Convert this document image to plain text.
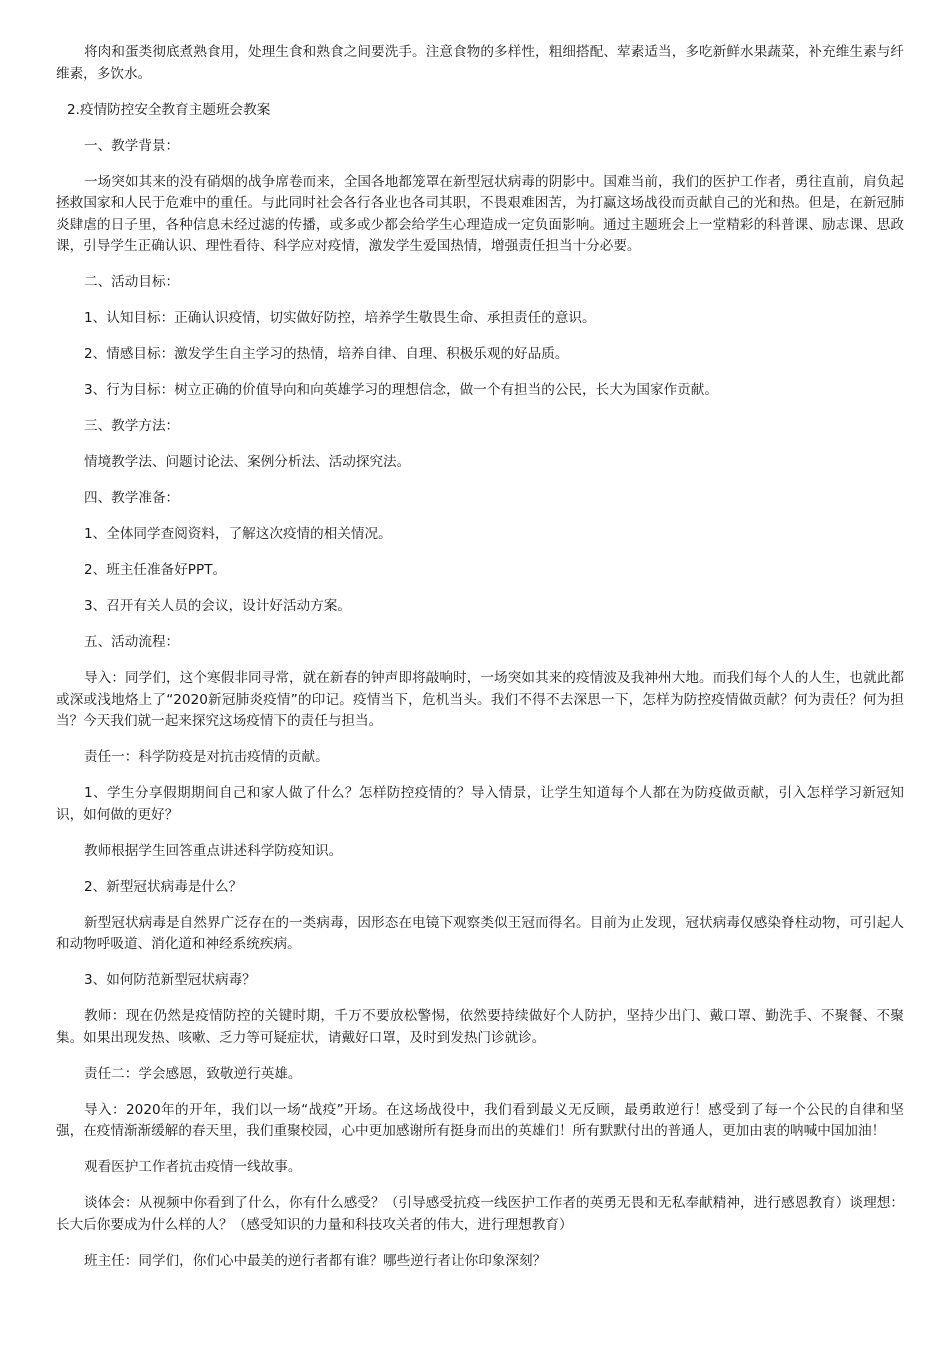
将肉和蛋类彻底煮熟食用，处理生食和熟食之间要洗手。注意食物的多样性，粗细搭配、荤素适当，多吃新鲜水果蔬菜，补充维生素与纤维素，多饮水。

2.疫情防控安全教育主题班会教案

一、教学背景：

一场突如其来的没有硝烟的战争席卷而来，全国各地都笼罩在新型冠状病毒的阴影中。国难当前，我们的医护工作者，勇往直前，肩负起拯救国家和人民于危难中的重任。与此同时社会各行各业也各司其职，不畏艰难困苦，为打赢这场战役而贡献自己的光和热。但是，在新冠肺炎肆虐的日子里，各种信息未经过滤的传播，或多或少都会给学生心理造成一定负面影响。通过主题班会上一堂精彩的科普课、励志课、思政课，引导学生正确认识、理性看待、科学应对疫情，激发学生爱国热情，增强责任担当十分必要。

二、活动目标：

1、认知目标：正确认识疫情，切实做好防控，培养学生敬畏生命、承担责任的意识。

2、情感目标：激发学生自主学习的热情，培养自律、自理、积极乐观的好品质。

3、行为目标：树立正确的价值导向和向英雄学习的理想信念，做一个有担当的公民，长大为国家作贡献。

三、教学方法：

情境教学法、问题讨论法、案例分析法、活动探究法。

四、教学准备：

1、全体同学查阅资料，了解这次疫情的相关情况。

2、班主任准备好PPT。

3、召开有关人员的会议，设计好活动方案。

五、活动流程：

导入：同学们，这个寒假非同寻常，就在新春的钟声即将敲响时，一场突如其来的疫情波及我神州大地。而我们每个人的人生，也就此都或深或浅地烙上了“2020新冠肺炎疫情”的印记。疫情当下，危机当头。我们不得不去深思一下，怎样为防控疫情做贡献？何为责任？何为担当？今天我们就一起来探究这场疫情下的责任与担当。

责任一：科学防疫是对抗击疫情的贡献。

1、学生分享假期期间自己和家人做了什么？怎样防控疫情的？导入情景，让学生知道每个人都在为防疫做贡献，引入怎样学习新冠知识，如何做的更好？

教师根据学生回答重点讲述科学防疫知识。

2、新型冠状病毒是什么？

新型冠状病毒是自然界广泛存在的一类病毒，因形态在电镜下观察类似王冠而得名。目前为止发现，冠状病毒仅感染脊柱动物，可引起人和动物呼吸道、消化道和神经系统疾病。

3、如何防范新型冠状病毒？

教师：现在仍然是疫情防控的关键时期，千万不要放松警惕，依然要持续做好个人防护，坚持少出门、戴口罩、勤洗手、不聚餐、不聚集。如果出现发热、咳嗽、乏力等可疑症状，请戴好口罩，及时到发热门诊就诊。

责任二：学会感恩，致敬逆行英雄。

导入：2020年的开年，我们以一场“战疫”开场。在这场战役中，我们看到最义无反顾，最勇敢逆行！感受到了每一个公民的自律和坚强，在疫情渐渐缓解的春天里，我们重聚校园，心中更加感谢所有挺身而出的英雄们！所有默默付出的普通人，更加由衷的呐喊中国加油！

观看医护工作者抗击疫情一线故事。

谈体会：从视频中你看到了什么，你有什么感受？（引导感受抗疫一线医护工作者的英勇无畏和无私奉献精神，进行感恩教育）谈理想：长大后你要成为什么样的人？（感受知识的力量和科技攻关者的伟大，进行理想教育）

班主任：同学们，你们心中最美的逆行者都有谁？哪些逆行者让你印象深刻？
